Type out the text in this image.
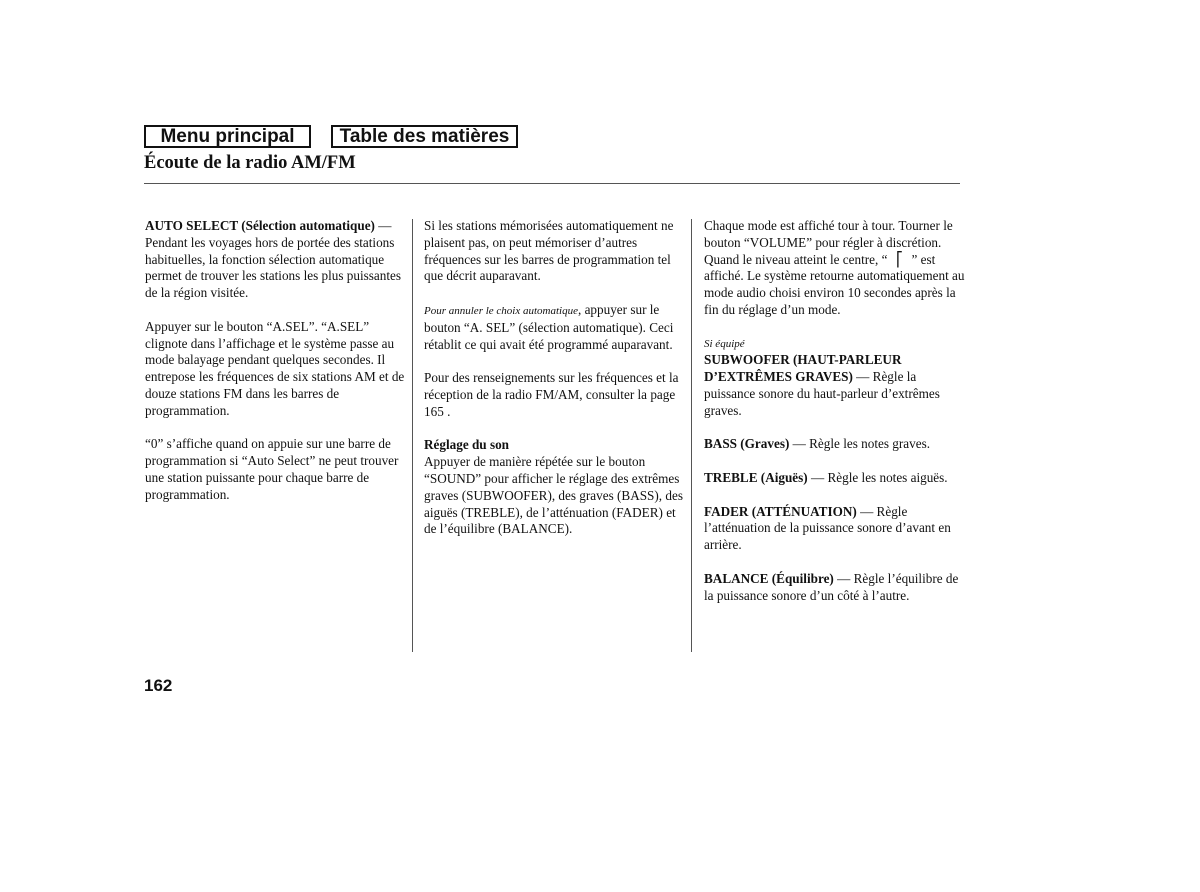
Menu principal	Table des matières
Écoute de la radio AM/FM

AUTO SELECT (Sélection automatique) — Pendant les voyages hors de portée des stations habituelles, la fonction sélection automatique permet de trouver les stations les plus puissantes de la région visitée.

Appuyer sur le bouton “A.SEL”. “A.SEL” clignote dans l’affichage et le système passe au mode balayage pendant quelques secondes. Il entrepose les fréquences de six stations AM et de douze stations FM dans les barres de programmation.

“0” s’affiche quand on appuie sur une barre de programmation si “Auto Select” ne peut trouver une station puissante pour chaque barre de programmation.

Si les stations mémorisées automatiquement ne plaisent pas, on peut mémoriser d’autres fréquences sur les barres de programmation tel que décrit auparavant.

Pour annuler le choix automatique, appuyer sur le bouton “A. SEL” (sélection automatique). Ceci rétablit ce qui avait été programmé auparavant.

Pour des renseignements sur les fréquences et la réception de la radio FM/AM, consulter la page 165 .

Réglage du son

Appuyer de manière répétée sur le bouton “SOUND” pour afficher le réglage des extrêmes graves (SUBWOOFER), des graves (BASS), des aiguës (TREBLE), de l’atténuation (FADER) et de l’équilibre (BALANCE).

Chaque mode est affiché tour à tour. Tourner le bouton “VOLUME” pour régler à discrétion. Quand le niveau atteint le centre, “ ⎡ ” est affiché. Le système retourne automatiquement au mode audio choisi environ 10 secondes après la fin du réglage d’un mode.

Si équipé

SUBWOOFER (HAUT-PARLEUR D’EXTRÊMES GRAVES) — Règle la puissance sonore du haut-parleur d’extrêmes graves.

BASS (Graves) — Règle les notes graves.

TREBLE (Aiguës) — Règle les notes aiguës.

FADER (ATTÉNUATION) — Règle l’atténuation de la puissance sonore d’avant en arrière.

BALANCE (Équilibre) — Règle l’équilibre de la puissance sonore d’un côté à l’autre.

162
